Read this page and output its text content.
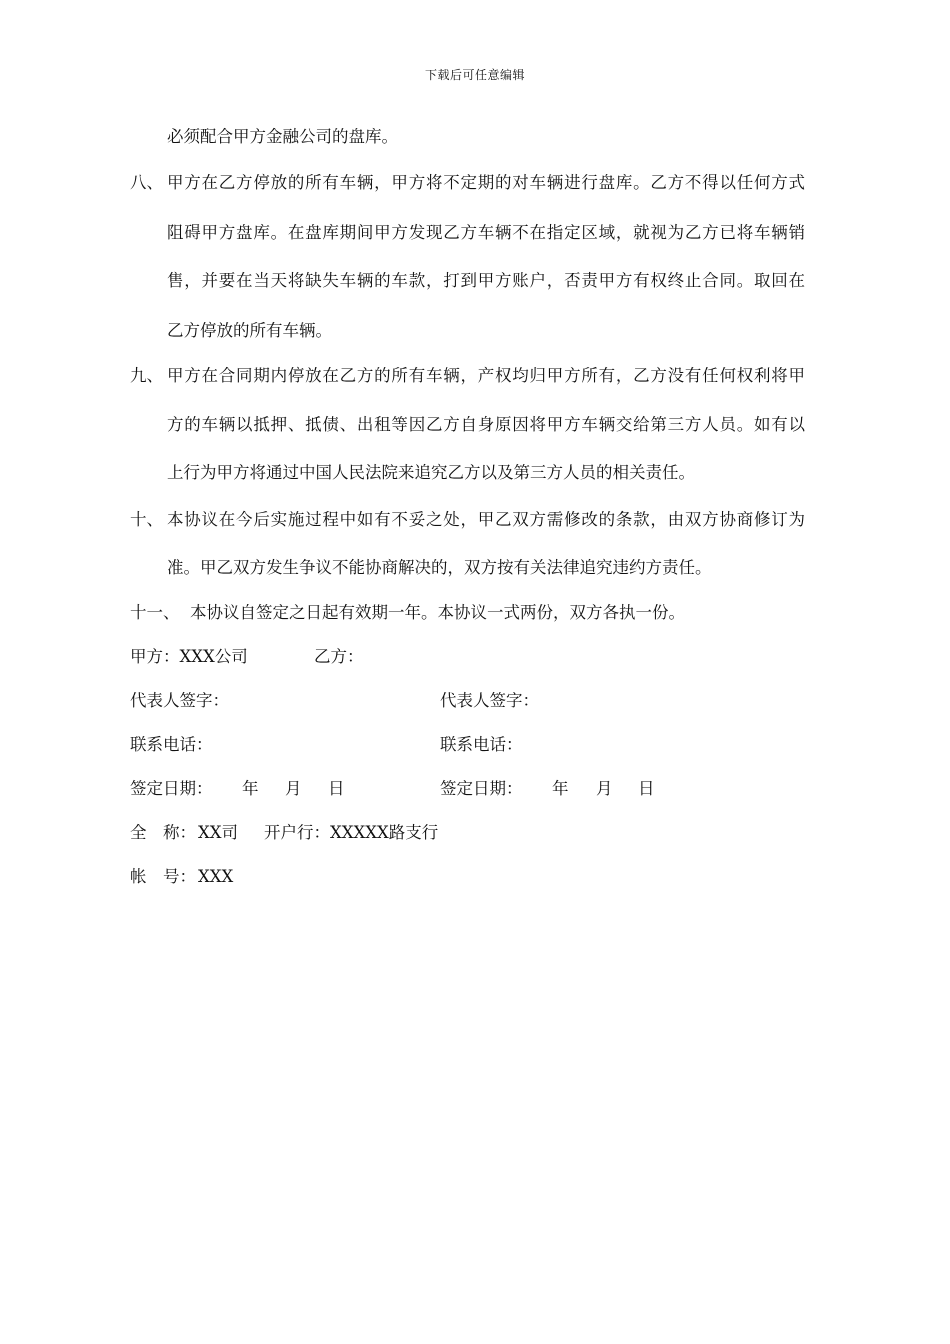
下载后可任意编辑
必须配合甲方金融公司的盘库。
八、 甲方在乙方停放的所有车辆，甲方将不定期的对车辆进行盘库。乙方不得以任何方式
阻碍甲方盘库。在盘库期间甲方发现乙方车辆不在指定区域，就视为乙方已将车辆销
售，并要在当天将缺失车辆的车款，打到甲方账户，否责甲方有权终止合同。取回在
乙方停放的所有车辆。
九、 甲方在合同期内停放在乙方的所有车辆，产权均归甲方所有，乙方没有任何权利将甲
方的车辆以抵押、抵债、出租等因乙方自身原因将甲方车辆交给第三方人员。如有以
上行为甲方将通过中国人民法院来追究乙方以及第三方人员的相关责任。
十、 本协议在今后实施过程中如有不妥之处，甲乙双方需修改的条款，由双方协商修订为
准。甲乙双方发生争议不能协商解决的，双方按有关法律追究违约方责任。
十一、 本协议自签定之日起有效期一年。本协议一式两份，双方各执一份。
甲方：XXX公司	乙方：
代表人签字：	代表人签字：
联系电话：	联系电话：
签定日期： 年 月 日	签定日期： 年 月 日
全　称： XX司 开户行： XXXXX路支行
帐　号： XXX
